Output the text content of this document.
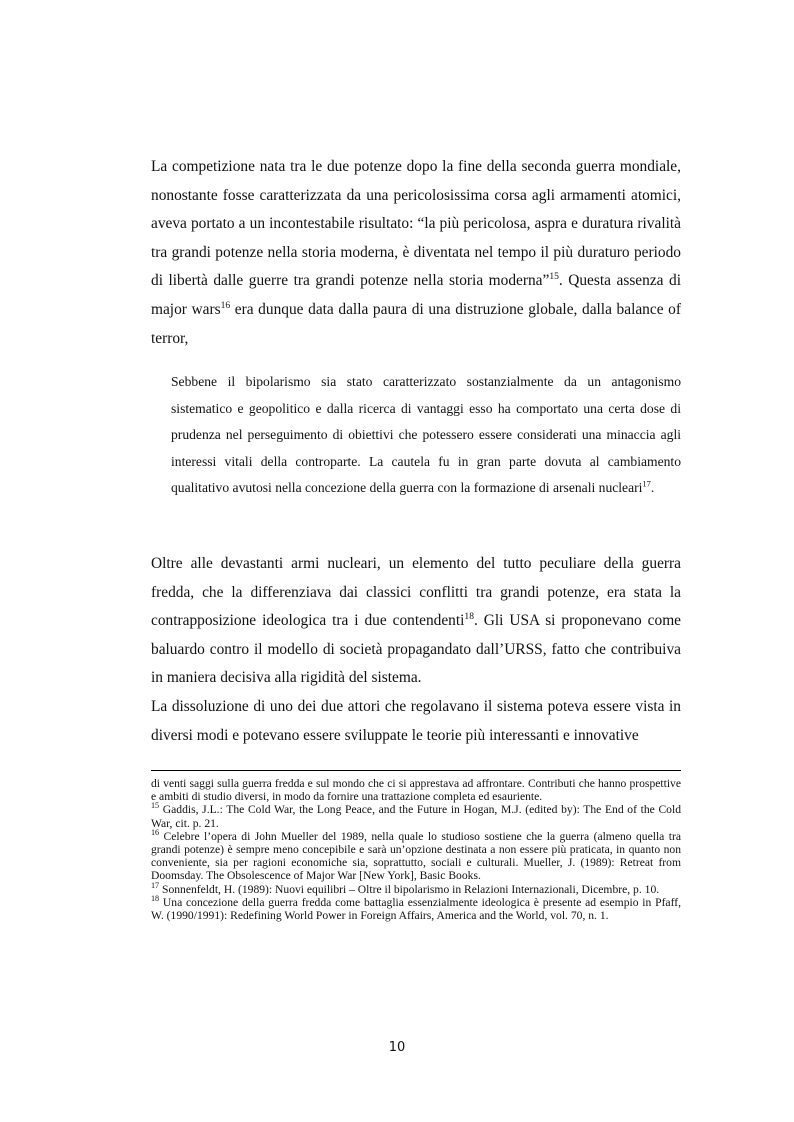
La competizione nata tra le due potenze dopo la fine della seconda guerra mondiale, nonostante fosse caratterizzata da una pericolosissima corsa agli armamenti atomici, aveva portato a un incontestabile risultato: “la più pericolosa, aspra e duratura rivalità tra grandi potenze nella storia moderna, è diventata nel tempo il più duraturo periodo di libertà dalle guerre tra grandi potenze nella storia moderna”$^{15}$. Questa assenza di major wars$^{16}$ era dunque data dalla paura di una distruzione globale, dalla balance of terror,

Sebbene il bipolarismo sia stato caratterizzato sostanzialmente da un antagonismo sistematico e geopolitico e dalla ricerca di vantaggi esso ha comportato una certa dose di prudenza nel perseguimento di obiettivi che potessero essere considerati una minaccia agli interessi vitali della controparte. La cautela fu in gran parte dovuta al cambiamento qualitativo avutosi nella concezione della guerra con la formazione di arsenali nucleari$^{17}$.

Oltre alle devastanti armi nucleari, un elemento del tutto peculiare della guerra fredda, che la differenziava dai classici conflitti tra grandi potenze, era stata la contrapposizione ideologica tra i due contendenti$^{18}$. Gli USA si proponevano come baluardo contro il modello di società propagandato dall’URSS, fatto che contribuiva in maniera decisiva alla rigidità del sistema.
La dissoluzione di uno dei due attori che regolavano il sistema poteva essere vista in diversi modi e potevano essere sviluppate le teorie più interessanti e innovative

di venti saggi sulla guerra fredda e sul mondo che ci si apprestava ad affrontare. Contributi che hanno prospettive e ambiti di studio diversi, in modo da fornire una trattazione completa ed esauriente.

$^{15}$ Gaddis, J.L.: The Cold War, the Long Peace, and the Future in Hogan, M.J. (edited by): The End of the Cold War, cit. p. 21.

$^{16}$ Celebre l’opera di John Mueller del 1989, nella quale lo studioso sostiene che la guerra (almeno quella tra grandi potenze) è sempre meno concepibile e sarà un’opzione destinata a non essere più praticata, in quanto non conveniente, sia per ragioni economiche sia, soprattutto, sociali e culturali. Mueller, J. (1989): Retreat from Doomsday. The Obsolescence of Major War [New York], Basic Books.

$^{17}$ Sonnenfeldt, H. (1989): Nuovi equilibri – Oltre il bipolarismo in Relazioni Internazionali, Dicembre, p. 10.

$^{18}$ Una concezione della guerra fredda come battaglia essenzialmente ideologica è presente ad esempio in Pfaff, W. (1990/1991): Redefining World Power in Foreign Affairs, America and the World, vol. 70, n. 1.

10
